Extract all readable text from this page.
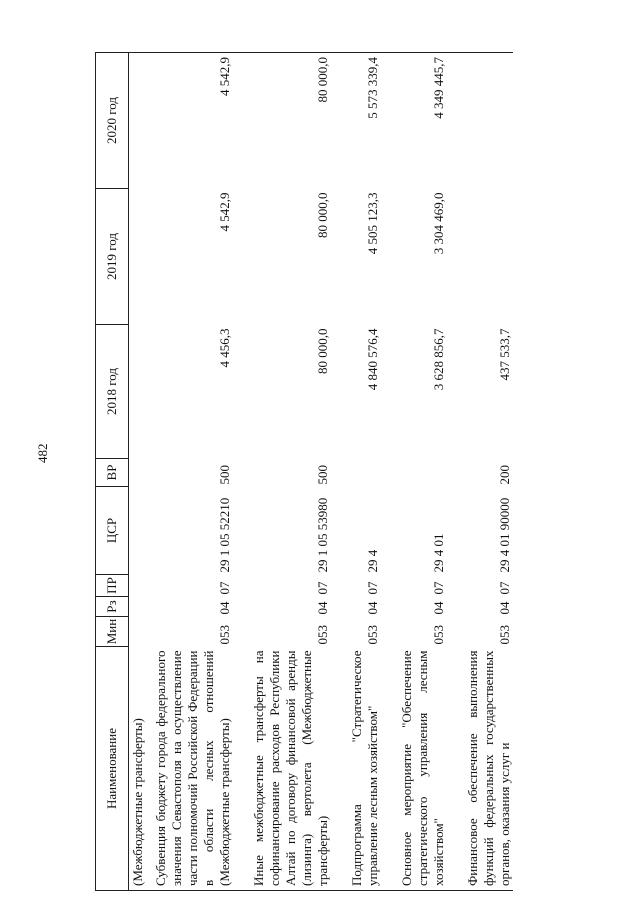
482
Наименование	Мин	Рз	ПР	ЦСР	ВР	2018 год	2019 год	2020 год
(Межбюджетные трансферты)								
Субвенция бюджету города федерального значения Севастополя на осуществление части полномочий Российской Федерации в области лесных отношений (Межбюджетные трансферты)	053	04	07	29 1 05 52210	500	4 456,3	4 542,9	4 542,9

Иные межбюджетные трансферты на софинансирование расходов Республики Алтай по договору финансовой аренды (лизинга) вертолета (Межбюджетные трансферты)	053	04	07	29 1 05 53980	500	80 000,0	80 000,0	80 000,0

Подпрограмма "Стратегическое управление лесным хозяйством"	053	04	07	29 4		4 840 576,4	4 505 123,3	5 573 339,4

Основное мероприятие "Обеспечение стратегического управления лесным хозяйством"	053	04	07	29 4 01		3 628 856,7	3 304 469,0	4 349 445,7

Финансовое обеспечение выполнения функций федеральных государственных органов, оказания услуг и	053	04	07	29 4 01 90000	200	437 533,7		
